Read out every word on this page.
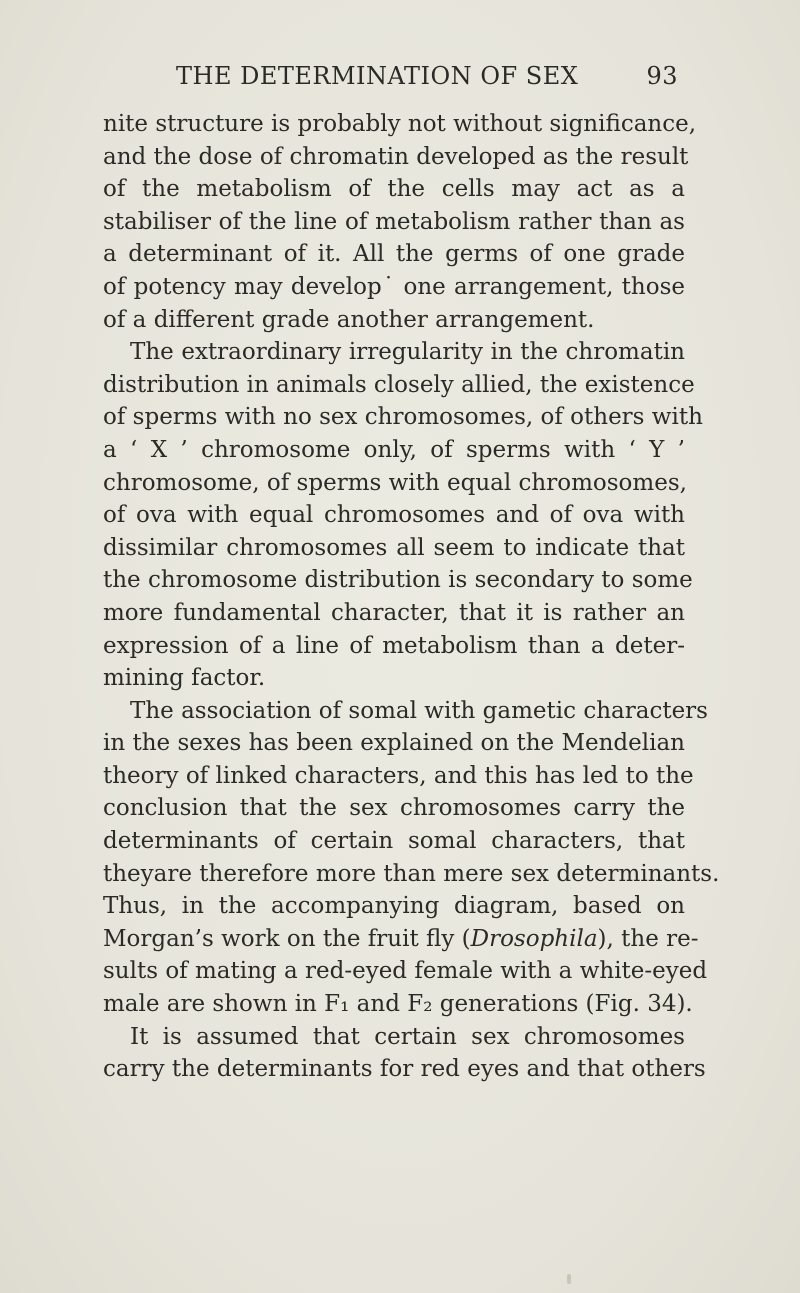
THE DETERMINATION OF SEX	93
nite structure is probably not without significance,
and the dose of chromatin developed as the result
of the metabolism of the cells may act as a
stabiliser of the line of metabolism rather than as
a determinant of it. All the germs of one grade
of potency may develop˙ one arrangement, those
of a different grade another arrangement.
The extraordinary irregularity in the chromatin
distribution in animals closely allied, the existence
of sperms with no sex chromosomes, of others with
a ‘ X ’ chromosome only, of sperms with ‘ Y ’
chromosome, of sperms with equal chromosomes,
of ova with equal chromosomes and of ova with
dissimilar chromosomes all seem to indicate that
the chromosome distribution is secondary to some
more fundamental character, that it is rather an
expression of a line of metabolism than a deter-
mining factor.
The association of somal with gametic characters
in the sexes has been explained on the Mendelian
theory of linked characters, and this has led to the
conclusion that the sex chromosomes carry the
determinants of certain somal characters, that
theyare therefore more than mere sex determinants.
Thus, in the accompanying diagram, based on
Morgan’s work on the fruit fly (Drosophila), the re-
sults of mating a red-eyed female with a white-eyed
male are shown in F₁ and F₂ generations (Fig. 34).
It is assumed that certain sex chromosomes
carry the determinants for red eyes and that others
